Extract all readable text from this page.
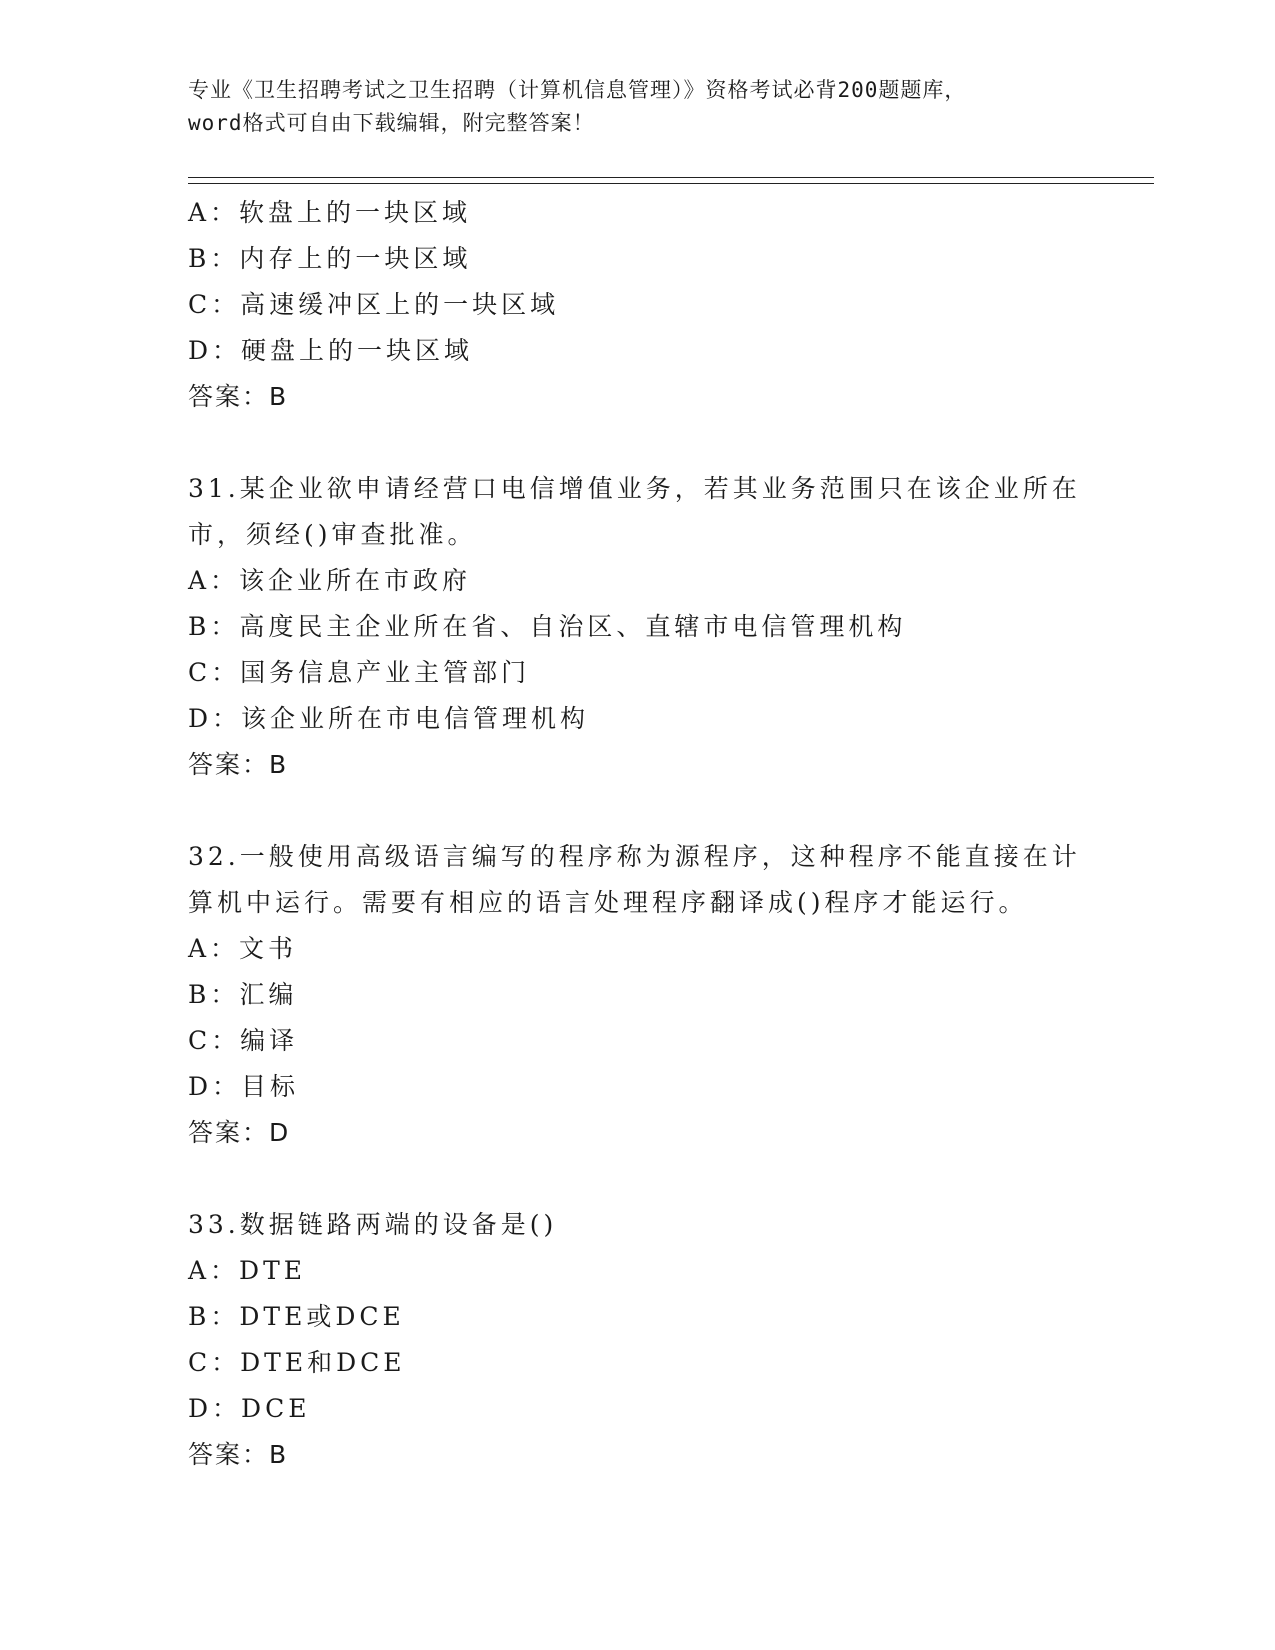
专业《卫生招聘考试之卫生招聘（计算机信息管理）》资格考试必背200题题库，
word格式可自由下载编辑，附完整答案！
A：软盘上的一块区域
B：内存上的一块区域
C：高速缓冲区上的一块区域
D：硬盘上的一块区域
答案：B
31.某企业欲申请经营口电信增值业务，若其业务范围只在该企业所在
市，须经()审查批准。
A：该企业所在市政府
B：高度民主企业所在省、自治区、直辖市电信管理机构
C：国务信息产业主管部门
D：该企业所在市电信管理机构
答案：B
32.一般使用高级语言编写的程序称为源程序，这种程序不能直接在计
算机中运行。需要有相应的语言处理程序翻译成()程序才能运行。
A：文书
B：汇编
C：编译
D：目标
答案：D
33.数据链路两端的设备是()
A：DTE
B：DTE或DCE
C：DTE和DCE
D：DCE
答案：B
